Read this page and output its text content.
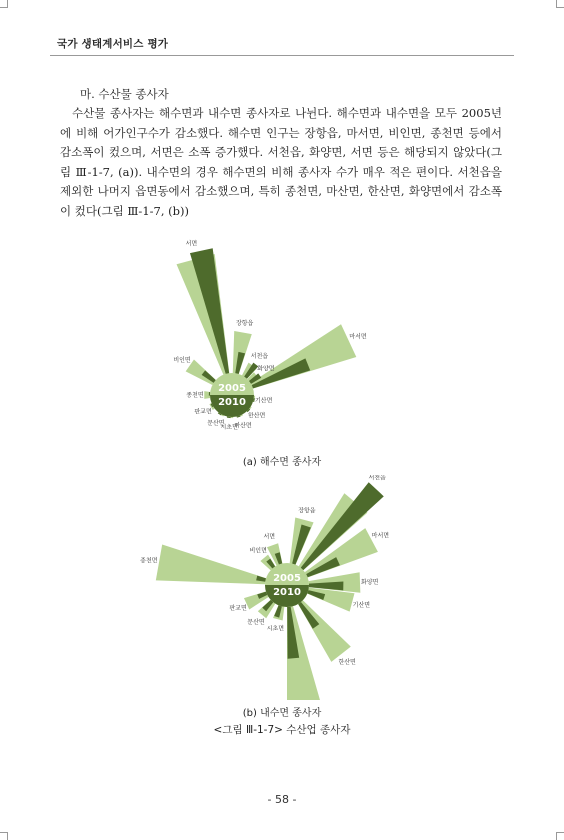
국가 생태계서비스 평가
마. 수산물 종사자

수산물 종사자는 해수면과 내수면 종사자로 나뉜다. 해수면과 내수면을 모두 2005년에 비해 어가인구수가 감소했다. 해수면 인구는 장항읍, 마서면, 비인면, 종천면 등에서 감소폭이 컸으며, 서면은 소폭 증가했다. 서천읍, 화양면, 서면 등은 해당되지 않았다(그림 Ⅲ-1-7, (a)). 내수면의 경우 해수면의 비해 종사자 수가 매우 적은 편이다. 서천읍을 제외한 나머지 읍면동에서 감소했으며, 특히 종천면, 마산면, 한산면, 화양면에서 감소폭이 컸다(그림 Ⅲ-1-7, (b))

서면
장항읍
마서면
서천읍
화양면
기산면
한산면
마산면
시초면
문산면
판교면
종천면
비인면
2005
2010
(a) 해수면 종사자
서천읍
마서면
화양면
기산면
한산면
시초면
문산면
판교면
종천면
비인면
서면
장항읍
2005
2010
(b) 내수면 종사자
<그림 Ⅲ-1-7> 수산업 종사자
- 58 -
